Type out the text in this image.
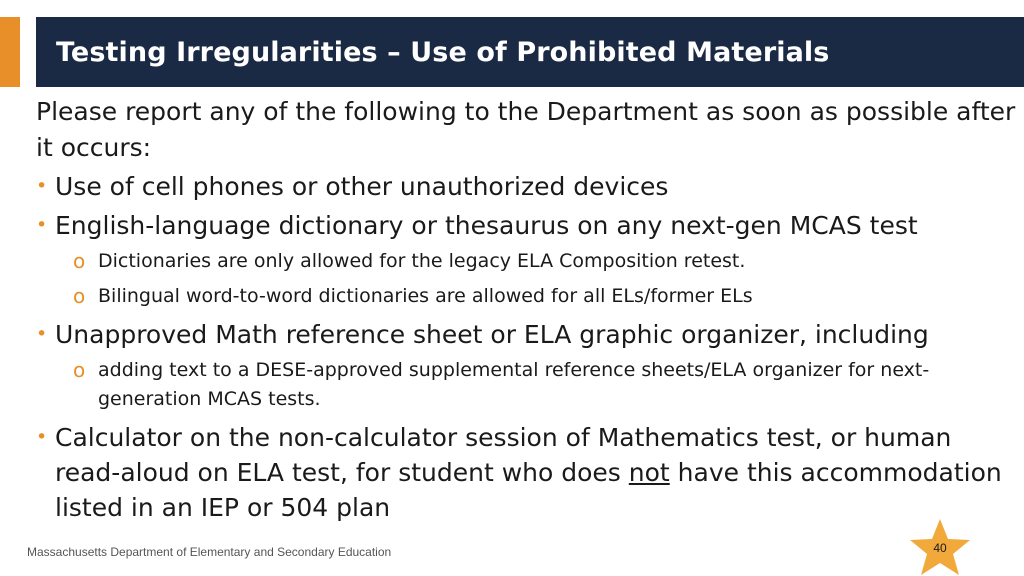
Testing Irregularities – Use of Prohibited Materials

Please report any of the following to the Department as soon as possible after it occurs:

• Use of cell phones or other unauthorized devices
• English-language dictionary or thesaurus on any next-gen MCAS test
o Dictionaries are only allowed for the legacy ELA Composition retest.
o Bilingual word-to-word dictionaries are allowed for all ELs/former ELs
• Unapproved Math reference sheet or ELA graphic organizer, including
o adding text to a DESE-approved supplemental reference sheets/ELA organizer for next-generation MCAS tests.
• Calculator on the non-calculator session of Mathematics test, or human read-aloud on ELA test, for student who does not have this accommodation listed in an IEP or 504 plan
Massachusetts Department of Elementary and Secondary Education	40
